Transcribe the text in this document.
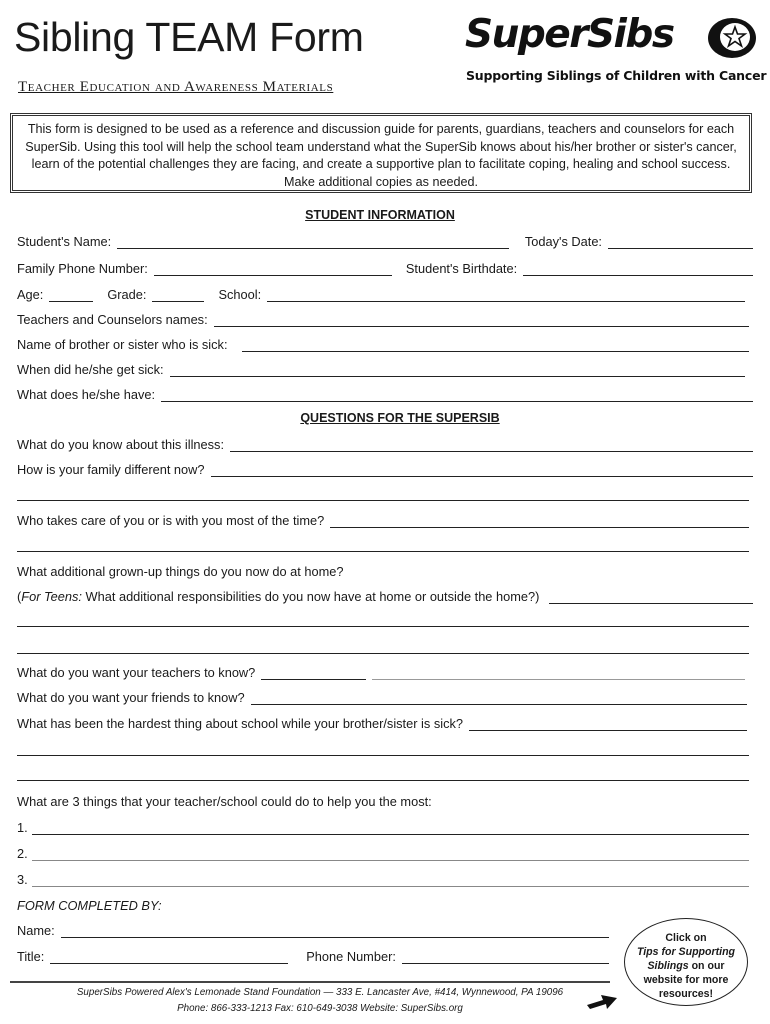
Sibling TEAM Form
Teacher Education and Awareness Materials
SuperSibs
Supporting Siblings of Children with Cancer
This form is designed to be used as a reference and discussion guide for parents, guardians, teachers and counselors for each SuperSib. Using this tool will help the school team understand what the SuperSib knows about his/her brother or sister's cancer, learn of the potential challenges they are facing, and create a supportive plan to facilitate coping, healing and school success. Make additional copies as needed.
STUDENT INFORMATION
Student's Name:	Today's Date:
Family Phone Number:	Student's Birthdate:
Age:	Grade:	School:
Teachers and Counselors names:
Name of brother or sister who is sick:
When did he/she get sick:
What does he/she have:
QUESTIONS FOR THE SUPERSIB
What do you know about this illness:
How is your family different now?
Who takes care of you or is with you most of the time?
What additional grown-up things do you now do at home?
(For Teens: What additional responsibilities do you now have at home or outside the home?)
What do you want your teachers to know?
What do you want your friends to know?
What has been the hardest thing about school while your brother/sister is sick?
What are 3 things that your teacher/school could do to help you the most:
1.
2.
3.
FORM COMPLETED BY:
Name:
Title:	Phone Number:
Click on
Tips for Supporting
Siblings on our
website for more
resources!
SuperSibs Powered Alex's Lemonade Stand Foundation — 333 E. Lancaster Ave, #414, Wynnewood, PA 19096
Phone: 866-333-1213 Fax: 610-649-3038 Website: SuperSibs.org
